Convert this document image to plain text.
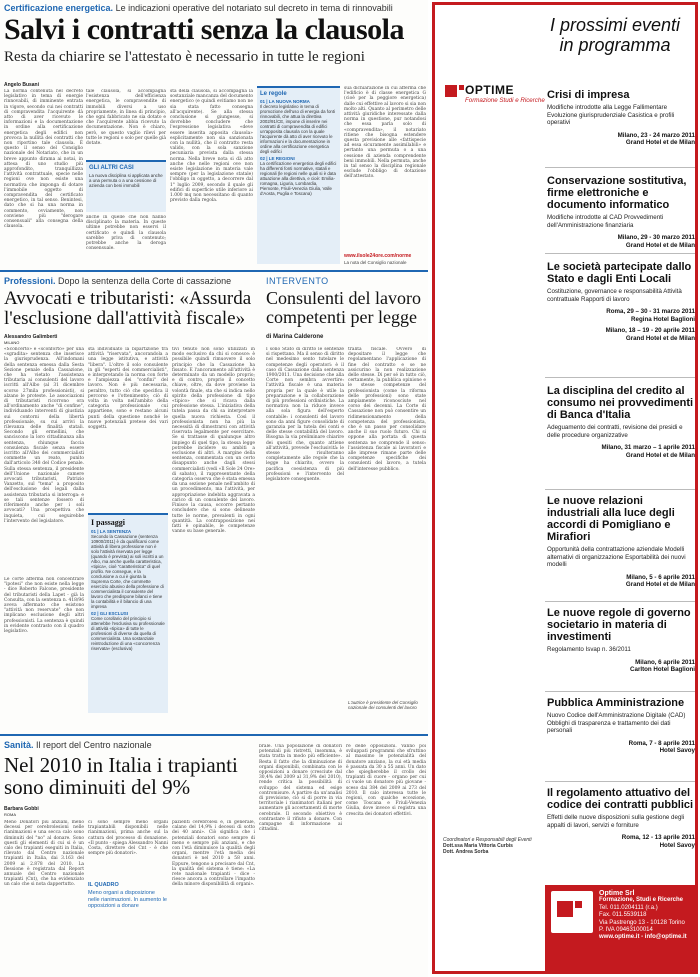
Certificazione energetica. Le indicazioni operative del notariato sul decreto in tema di rinnovabili
Salvi i contratti senza la clausola
Resta da chiarire se l'attestato è necessario in tutte le regioni
Angelo Busani
La norma contenuta nel decreto legislativo in tema di energie rinnovabili, di imminente entrata in vigore, secondo cui nei contratti di compravendita l'acquirente dà atto di aver ricevuto le informazioni e la documentazione in ordine alla certificazione energetica degli edifici non provoca la nullità dei contratti che non riportino tale clausola. È questo il senso del Consiglio nazionale del Notariato, che in un breve appunto dirama ai notai, in attesa di uno studio più approfondito, tranquillizza l'attività contrattuale, specie nelle regioni ove non esiste una normativa che imponga di dotare l'immobile oggetto di compravendita del certificato energetico, in tal senso. Benintesi, dato che si ha una norma in commento, ovviamente, non conviene più "derogare consensuali" alla consegna della clausola.
tale clausola, si accompagna l'esistenza dell'efficienza energetica, le compravendite di immobili diversi a uso propriamente, in linea di principio, che ogni fabbricato ne sia dotato e che l'acquirente abbia ricevuto la documentazione. Non è chiaro, però, se questo vaglio rilevi per tutte le regioni o solo per quelle già dotate.
GLI ALTRI CASI
La nuova disciplina si applicata anche a una permuta o a una cessione di azienda con beni immobili
anche in quelle che non hanno disciplinato la materia. In queste ultime potrebbe non esservi il certificato e quindi la clausola sarebbe priva di contenuto; potrebbe anche la deroga consensuale.
sta della clausola, si accompagna la sostanziale mancanza del documento energetico (e quindi evitiamo non ne sia stata fatto consegna all'acquirente). Se alla stessa conclusione si giungesse, si dovrebbe concludere che l'espressione legislativa «deve essere inserita apposita clausola» esplicitamente non sia sanzionata con la nullità, che il contratto resta valido, con la sola sanzione pecuniaria prevista dalla stessa norma. Nella breve nota si dà atto anche che nelle regioni ove non esiste legislazione in materia vale sempre (per la legislazione statale) l'obbligo in oggetto, a decorrere dal 1° luglio 2009, secondo il quale gli edifici di superficie utile inferiore ai 1.000 mq non necessitano di quanto previsto dalla regola.
Le regole
01 | LA NUOVA NORMA
Il decreto legislativo in tema di promozione dell'uso di energia da fonti rinnovabili, che attua la direttiva 2002/91/CE, impone di inserire nei contratti di compravendita di edifici un'apposita clausola con la quale l'acquirente dà atto di aver ricevuto le informazioni e la documentazione in ordine alla certificazione energetica degli edifici
02 | LE REGIONI
La certificazione energetica degli edifici ha differenti fonti normative, statali e regionali (le regioni nelle quali si è data attuazione alla direttiva, e cioè: Emilia-romagna, Liguria, Lombardia, Piemonte, Friuli-Venezia Giulia, Valle d'Aosta, Puglia e Toscana)
sua dichiarazione in cui afferma che l'edificio è di classe energetica G (cioè per la peggiore energetica) dalle cui effettive al lavoro si sia non molto alti. Quanto al perimetro delle attività giuridiche interessate dalla norma in questione, pur notandosi che essa parla solo di «compravendita», il notariato ritiene che bisogna estendere questa previsione alle «fattispecie ad essa sicuramente assimilabili» e pertanto una permuta o a una cessione di azienda comprendente beni immobili. Nella permuta, anche in tal senso la disciplina regionale esclude l'obbligo di dotazione dell'attestato.
www.ilsole24ore.com/norme
La nota del Consiglio nazionale
Professioni. Dopo la sentenza della Corte di cassazione
Avvocati e tributaristi: «Assurda l'esclusione dall'attività fiscale»
Alessandro Galimberti
MILANO
«Sconcerto» e «sconforto» per una «sgradita» sentenza che inserisce la giurisprudenza. All'indomani della sentenza emessa dalla Sesta Sezione penale della Cassazione, che ha vietato l'assistenza tributaria ai consulenti del lavoro iscritti all'Albo (al 31 dicembre scorso 27mila professionisti), si alzano le proteste. Le associazioni di tributaristi ricorrono ora all'ordinamento anche "di confine", individuando interventi di giustizia sui contorni della libertà professionale, su cui arrivi la rilevanza delle finalità statali. Secondo gli ermellini, che sanciscono la loro cittadinanza alla sentenza, chiunque faccia consulenza fiscale senza essere iscritto all'Albo dei commercialisti commette un reato, punito dall'articolo 348 del Codice penale. Sulla stessa sentenza, il presidente dell'Unione nazionale camere avvocati tributaristi, Patrizio Vanzetto, sul "tema" a proposito dell'esclusione dei legali dalla assistenza tributaria si interroga: e se tali sentenze fossero di riferimento anche per i soli avvocati? Una prospettiva che inquieta, cui seguirebbe l'intervento del legislatore.
sta individuato la bipartizione tra attività "riservata", ancorandola a una legge istitutiva, e attività "libera". L'oltre il solo consulente in gli "esperti dei commercialisti", e interpretando la norma con forte e l'ampiezza dei "confini" del lavoro. Non è più necessaria, peraltro, tutto ciò che specifica il percorso e l'ottenimento; ciò di volta in volta nell'ambito della categoria professionale cui appartiene, sono e restano alcuni punti della questione nonché le nuove potenziali pretese dei vari soggetti.
I passaggi
01 | LA SENTENZA
Secondo la Cassazione (sentenza 10900/2011) è da qualificarsi come attività di libera professione non è solo l'attività riservata per legge (quando è prevista) ai soli iscritti a un Albo, ma anche quella caratteristica, «tipica», cioè "caratteristica" di quel profilo. Ne consegue, e la conclusione a cui è giunta la Suprema Corte, che commette esercizio abusivo della professione di commercialista il consulente del lavoro che predispone bilanci e tiene la contabilità e il bilancio di una impresa
02 | GLI ESCLUSI
Come corollario del principio si attenebbe l'esclusiva su professionale di attività «tipica» di tutte le professioni di diverse da quella di commercialista. Una sostanziale reintroduzione di una «concorrenza riservata» (esclusiva)
Le corte afferma non concentrare "ipotesi" che non esiste nella legge - dice Roberto Falcone, presidente del tributaristi della Lapet - già la Consulta, con la sentenza n. 418/96 aveva affermato che esistono "attività non reservate" che non implicano esclusione degli altri professionisti. La sentenza è quindi in evidente contrasto con il quadro legislativo.
tivi tenuto non sono utilizzati in modo esclusivo da chi si conosce: è possibile quindi rimuovere il solo principio che la Cassazione ha fissato. E l'ancoramento all'attività è determinato da un modello proprio; e di contro, proprio il concetto chiave, oltre, da dove proviene la volontà finale, sta che si indica nello spirito della professione di tipo «tipico» che si ricava dalla professione stessa. L'iniziativa della tutela passa da chi sa interpretare quella nuova richiesta. Così il professionista non ha più la necessità di dimostrarsi con attività riservata legalmente per esercitare. Se si trattasse di qualunque altro impiego di quel tipo, la stessa legge potrebbe incidere su ambiti a esclusione di altri. A margine della sentenza, commentata con un certo disappunto anche dagli stessi commercialisti (vedi «Il Sole 24 Ore» di sabato), il rappresentante della categoria osserva che è stata emessa da una sezione penale nell'ambito di un procedimento, ma l'attività, per appropriazione indebita aggravata a carico di un consulente del lavoro. Finisce la causa, occorre pertanto concludere che si sono delineate tutte le norme, prevalenti in ogni quantità. La contrapposizione nei fatti è opinabile, le competenze vanno su base generale.
INTERVENTO
Consulenti del lavoro competenti per legge
di Marina Calderone
I sono Stato di diritto le sentenze si rispettano. Ma il senso di diritto nel medesimo sento tutelare le competenze degli operatori: è il caso di Cassazione dalla sentenza 1900/2011. Una decisione che alla Corte non sembra avvertire: l'attività fiscale è una materia propria per la quale è utile la preparazione e la collaborazione di più professioni ordinistiche. La normativa non la riduce invece alla sola figura dell'esperto contabile: i consulenti del lavoro sono da anni figure consolidate di garanzia per la tutela dei conti e delle stesse contabilità del lavoro. Bisogna la via preliminare chiarire dei quesiti che, quanto attiene all'attività, prevede l'esclusività: le stesse risulteranno completamente alle regole che la legge ha chiarito, ovvero la pacifica coesistenza di più professioni e l'intervento del legislatore conseguente.
tralità fiscale. Ovvero di depositare il legge che regolamentano l'applicazione di fine del contratto e se ne assicurino la non realizzazione delle stesse. Di per sé in tutto ciò, certamente, la pubblica opinione e le stesse competenze del professionista (come la riforma delle professioni) sono state ampiamente riconosciute nel corso dei decenni. La Corte di Cassazione non può consentire un ridimensionamento della competenza del professionista, che è un passo per consolidare anche il suo ruolo futuro. Chi si oppone alla portata di questa sentenza ne comprende il senso: l'assistenza fiscale ai lavoratori e alle imprese rimane parte delle competenze specifiche dei consulenti del lavoro, a tutela dell'interesse pubblico.
L'autrice è presidente del Consiglio nazionale dei consulenti del lavoro
Sanità. Il report del Centro nazionale
Nel 2010 in Italia i trapianti sono diminuiti del 9%
Barbara Gobbi
ROMA
Meno Donatori più anziani, meno decessi per cerebrolesioni nelle rianimazioni e una secca calo sono diminuiti del "no" al donare. Sono questi gli elementi di cui si è un calo dei trapianti eseguiti in Italia, rilevato dal Centro nazionale trapianti in Italia, dai 3.163 del 2009 ai 2.878 del 2010. La flessione è registrata dal Report annuale del Centro nazionale trapianti (Cnt), che ha evidenziato un calo che si nota dappertutto.
ci sono sempre meno organi trapiantabili disponibili nelle rianimazioni, prima anche sul la cattura del processo di donazione. «Il punto - spiega Alessandro Nanni Costa, direttore del Cnt - è che sempre più donatori».
IL QUADRO
Meno organi a disposizione nelle rianimazioni. In aumento le opposizioni a donare
pazienti cerebrolesi e, in generale, calano del 14,9% i decessi di sotto dei 40 anni». Ciò significa che i potenziali donatori sono sempre di meno e sempre più anziani, e che con l'età diminuisce la qualità degli organi, mentre l'età media dei donatori è nel 2010 a 58 anni. Eppure, tengono a precisare dal Cnt, la qualità del sistema è tiene: «La rete nazionale trapianti - dice - riesce ancora a controllare l'impatto della minore disponibilità di organi».
brale. Una popolazione di donatori potenziali più ristretti, insomma, è stata tratta in modo più efficiente». Resta il fatto che la diminuzione di organi disponibili, combinata con le opposizioni a donare (cresciute dal 30,4% del 2009 al 31,9% del 2010), rende critica la possibilità di sviluppo del sistema ed esige contromisure. A partire da un'analisi di previsione, ciò si di porre in via territoriale i rianimatori italiani per aumentare gli accertamenti di morte cerebrale. Il secondo obiettivo è contrastare il rifiuto a donare. Con campagne di informazione ai cittadini.
re delle opposizioni. Vanno poi sviluppati programmi che sfruttino al massimo le potenzialità del donatore anziano, la cui età media è passata da 30 a 55 anni. Un dato che spiegherebbe il crollo dei trapianti di cuore - organo per cui ci vuole un donatore più giovane - sceso dai 384 del 2009 ai 273 del 2010. Il calo interessa tutte le regioni, con qualche eccezione, come Toscana e Friuli-Venezia Giulia, dove invece si registra una crescita dei donatori effettivi.
I prossimi eventi in programma
OPTIME
Formazione Studi e Ricerche Crisi di impresa
Modifiche introdotte alla Legge Fallimentare Evoluzione giurisprudenziale Casistica e profili operativi
Milano, 23 - 24 marzo 2011
Grand Hotel et de Milan
Conservazione sostitutiva, firme elettroniche e documento informatico
Modifiche introdotte al CAD Provvedimenti dell'Amministrazione finanziaria
Milano, 29 - 30 marzo 2011
Grand Hotel et de Milan
Le società partecipate dallo Stato e dagli Enti Locali
Costituzione, governance e responsabilità Attività contrattuale Rapporti di lavoro
Roma, 29 – 30 - 31 marzo 2011
Regina Hotel Baglioni
Milano, 18 – 19 - 20 aprile 2011
Grand Hotel et de Milan
La disciplina del credito al consumo nei provvedimenti di Banca d'Italia
Adeguamento dei contratti, revisione dei presidi e delle procedure organizzative
Milano, 31 marzo – 1 aprile 2011
Grand Hotel et de Milan
Le nuove relazioni industriali alla luce degli accordi di Pomigliano e Mirafiori
Opportunità della contrattazione aziendale Modelli alternativi di organizzazione Esportabilità dei nuovi modelli
Milano, 5 - 6 aprile 2011
Grand Hotel et de Milan
Le nuove regole di governo societario in materia di investimenti
Regolamento Isvap n. 36/2011
Milano, 6 aprile 2011
Carlton Hotel Baglioni
Pubblica Amministrazione
Nuovo Codice dell'Amministrazione Digitale (CAD) Obblighi di trasparenza e trattamento dei dati personali
Roma, 7 - 8 aprile 2011
Hotel Savoy
Il regolamento attuativo del codice dei contratti pubblici
Effetti delle nuove disposizioni sulla gestione degli appalti di lavori, servizi e forniture
Roma, 12 - 13 aprile 2011
Hotel Savoy
Coordinatori e Responsabili degli Eventi
Dott.ssa Maria Vittoria Curbis
Dott. Andrea Sorba
Optime Srl
Formazione, Studi e Ricerche
Tel. 011.0204111 (r.a.)
Fax. 011.5539118
Via Pastrengo 13 - 10128 Torino
P. IVA 09463100014
www.optime.it - info@optime.it
